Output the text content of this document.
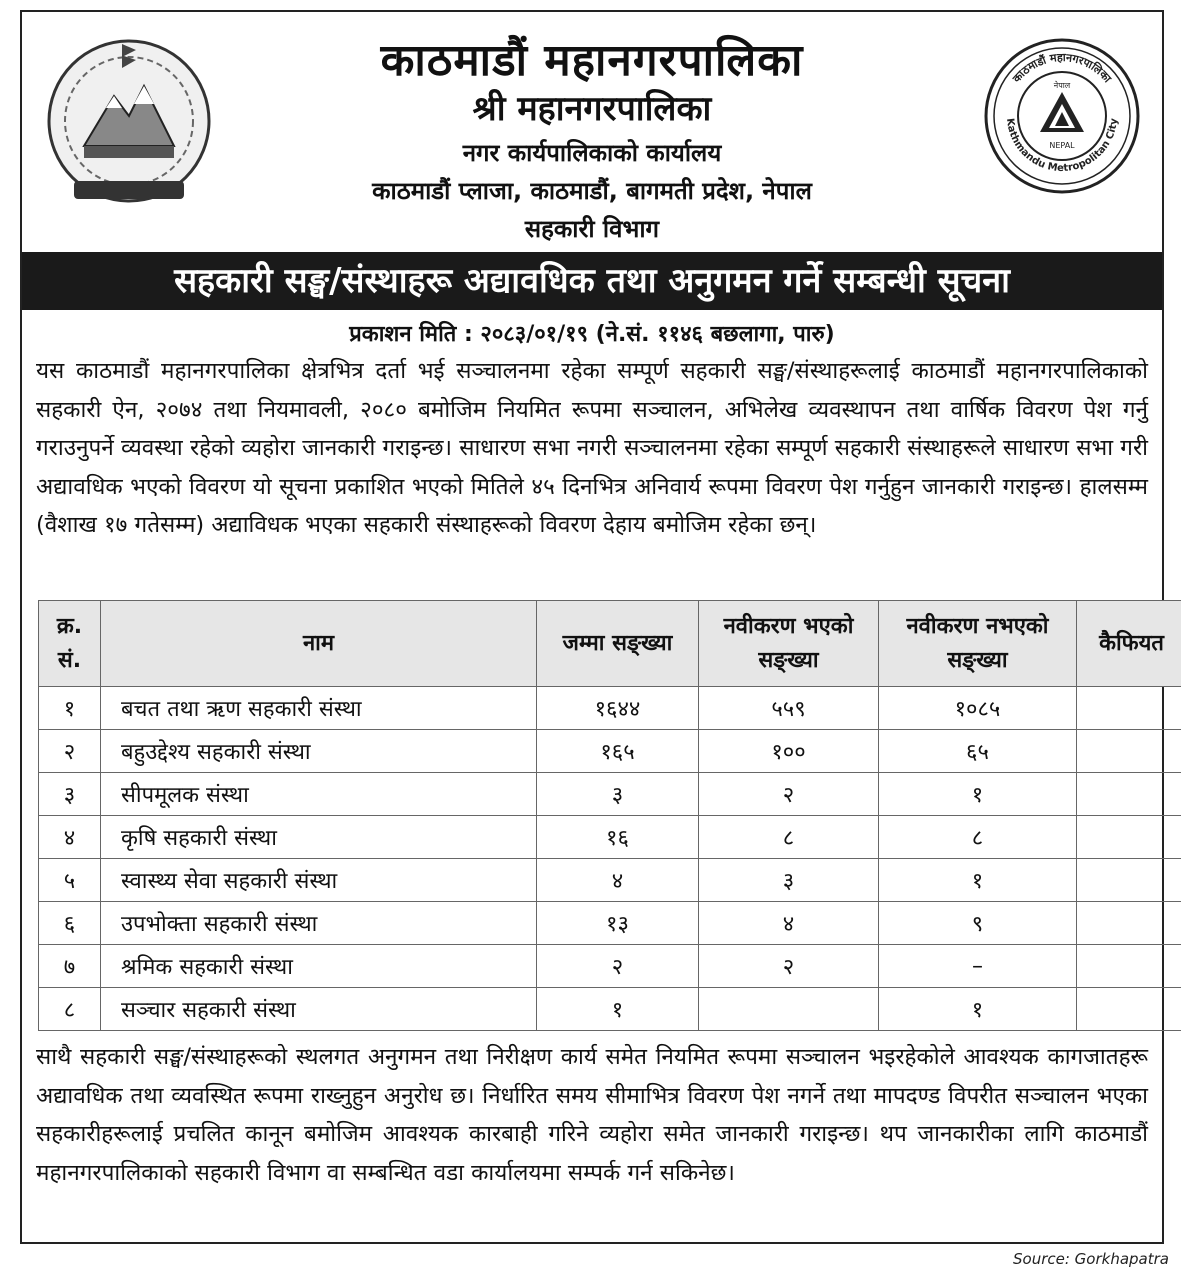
काठमाडौं महानगरपालिका
श्री महानगरपालिका
नगर कार्यपालिकाको कार्यालय
काठमाडौं प्लाजा, काठमाडौं, बागमती प्रदेश, नेपाल
सहकारी विभाग
काठमाडौं महानगरपालिका
Kathmandu Metropolitan City
नेपाल
NEPAL
सहकारी सङ्घ/संस्थाहरू अद्यावधिक तथा अनुगमन गर्ने सम्बन्धी सूचना
प्रकाशन मिति : २०८३/०१/१९ (ने.सं. ११४६ बछलागा, पारु)
यस काठमाडौं महानगरपालिका क्षेत्रभित्र दर्ता भई सञ्चालनमा रहेका सम्पूर्ण सहकारी सङ्घ/संस्थाहरूलाई काठमाडौं महानगरपालिकाको सहकारी ऐन, २०७४ तथा नियमावली, २०८० बमोजिम नियमित रूपमा सञ्चालन, अभिलेख व्यवस्थापन तथा वार्षिक विवरण पेश गर्नु गराउनुपर्ने व्यवस्था रहेको व्यहोरा जानकारी गराइन्छ। साधारण सभा नगरी सञ्चालनमा रहेका सम्पूर्ण सहकारी संस्थाहरूले साधारण सभा गरी अद्यावधिक भएको विवरण यो सूचना प्रकाशित भएको मितिले ४५ दिनभित्र अनिवार्य रूपमा विवरण पेश गर्नुहुन जानकारी गराइन्छ। हालसम्म (वैशाख १७ गतेसम्म) अद्याविधक भएका सहकारी संस्थाहरूको विवरण देहाय बमोजिम रहेका छन्।
क्र. सं.	नाम	जम्मा सङ्ख्या	नवीकरण भएको सङ्ख्या	नवीकरण नभएको सङ्ख्या	कैफियत
१	बचत तथा ऋण सहकारी संस्था	१६४४	५५९	१०८५	
२	बहुउद्देश्य सहकारी संस्था	१६५	१००	६५	
३	सीपमूलक संस्था	३	२	१	
४	कृषि सहकारी संस्था	१६	८	८	
५	स्वास्थ्य सेवा सहकारी संस्था	४	३	१	
६	उपभोक्ता सहकारी संस्था	१३	४	९	
७	श्रमिक सहकारी संस्था	२	२	–	
८	सञ्चार सहकारी संस्था	१		१	
साथै सहकारी सङ्घ/संस्थाहरूको स्थलगत अनुगमन तथा निरीक्षण कार्य समेत नियमित रूपमा सञ्चालन भइरहेकोले आवश्यक कागजातहरू अद्यावधिक तथा व्यवस्थित रूपमा राख्नुहुन अनुरोध छ। निर्धारित समय सीमाभित्र विवरण पेश नगर्ने तथा मापदण्ड विपरीत सञ्चालन भएका सहकारीहरूलाई प्रचलित कानून बमोजिम आवश्यक कारबाही गरिने व्यहोरा समेत जानकारी गराइन्छ। थप जानकारीका लागि काठमाडौं महानगरपालिकाको सहकारी विभाग वा सम्बन्धित वडा कार्यालयमा सम्पर्क गर्न सकिनेछ।
Source: Gorkhapatra
